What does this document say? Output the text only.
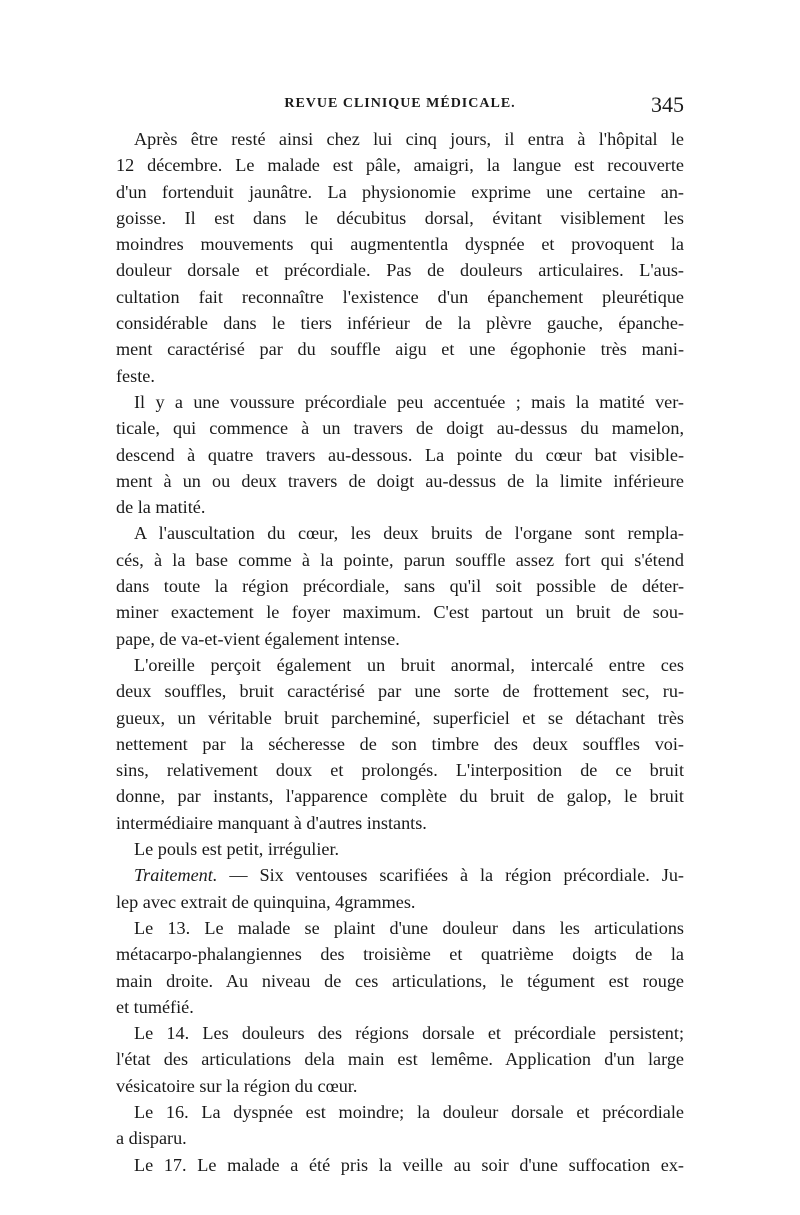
REVUE CLINIQUE MÉDICALE.	345
Après être resté ainsi chez lui cinq jours, il entra à l'hôpital le
12 décembre. Le malade est pâle, amaigri, la langue est recouverte
d'un fortenduit jaunâtre. La physionomie exprime une certaine an-
goisse. Il est dans le décubitus dorsal, évitant visiblement les
moindres mouvements qui augmententla dyspnée et provoquent la
douleur dorsale et précordiale. Pas de douleurs articulaires. L'aus-
cultation fait reconnaître l'existence d'un épanchement pleurétique
considérable dans le tiers inférieur de la plèvre gauche, épanche-
ment caractérisé par du souffle aigu et une égophonie très mani-
feste.
Il y a une voussure précordiale peu accentuée ; mais la matité ver-
ticale, qui commence à un travers de doigt au-dessus du mamelon,
descend à quatre travers au-dessous. La pointe du cœur bat visible-
ment à un ou deux travers de doigt au-dessus de la limite inférieure
de la matité.
A l'auscultation du cœur, les deux bruits de l'organe sont rempla-
cés, à la base comme à la pointe, parun souffle assez fort qui s'étend
dans toute la région précordiale, sans qu'il soit possible de déter-
miner exactement le foyer maximum. C'est partout un bruit de sou-
pape, de va-et-vient également intense.
L'oreille perçoit également un bruit anormal, intercalé entre ces
deux souffles, bruit caractérisé par une sorte de frottement sec, ru-
gueux, un véritable bruit parcheminé, superficiel et se détachant très
nettement par la sécheresse de son timbre des deux souffles voi-
sins, relativement doux et prolongés. L'interposition de ce bruit
donne, par instants, l'apparence complète du bruit de galop, le bruit
intermédiaire manquant à d'autres instants.
Le pouls est petit, irrégulier.
Traitement. — Six ventouses scarifiées à la région précordiale. Ju-
lep avec extrait de quinquina, 4grammes.
Le 13. Le malade se plaint d'une douleur dans les articulations
métacarpo-phalangiennes des troisième et quatrième doigts de la
main droite. Au niveau de ces articulations, le tégument est rouge
et tuméfié.
Le 14. Les douleurs des régions dorsale et précordiale persistent;
l'état des articulations dela main est lemême. Application d'un large
vésicatoire sur la région du cœur.
Le 16. La dyspnée est moindre; la douleur dorsale et précordiale
a disparu.
Le 17. Le malade a été pris la veille au soir d'une suffocation ex-
